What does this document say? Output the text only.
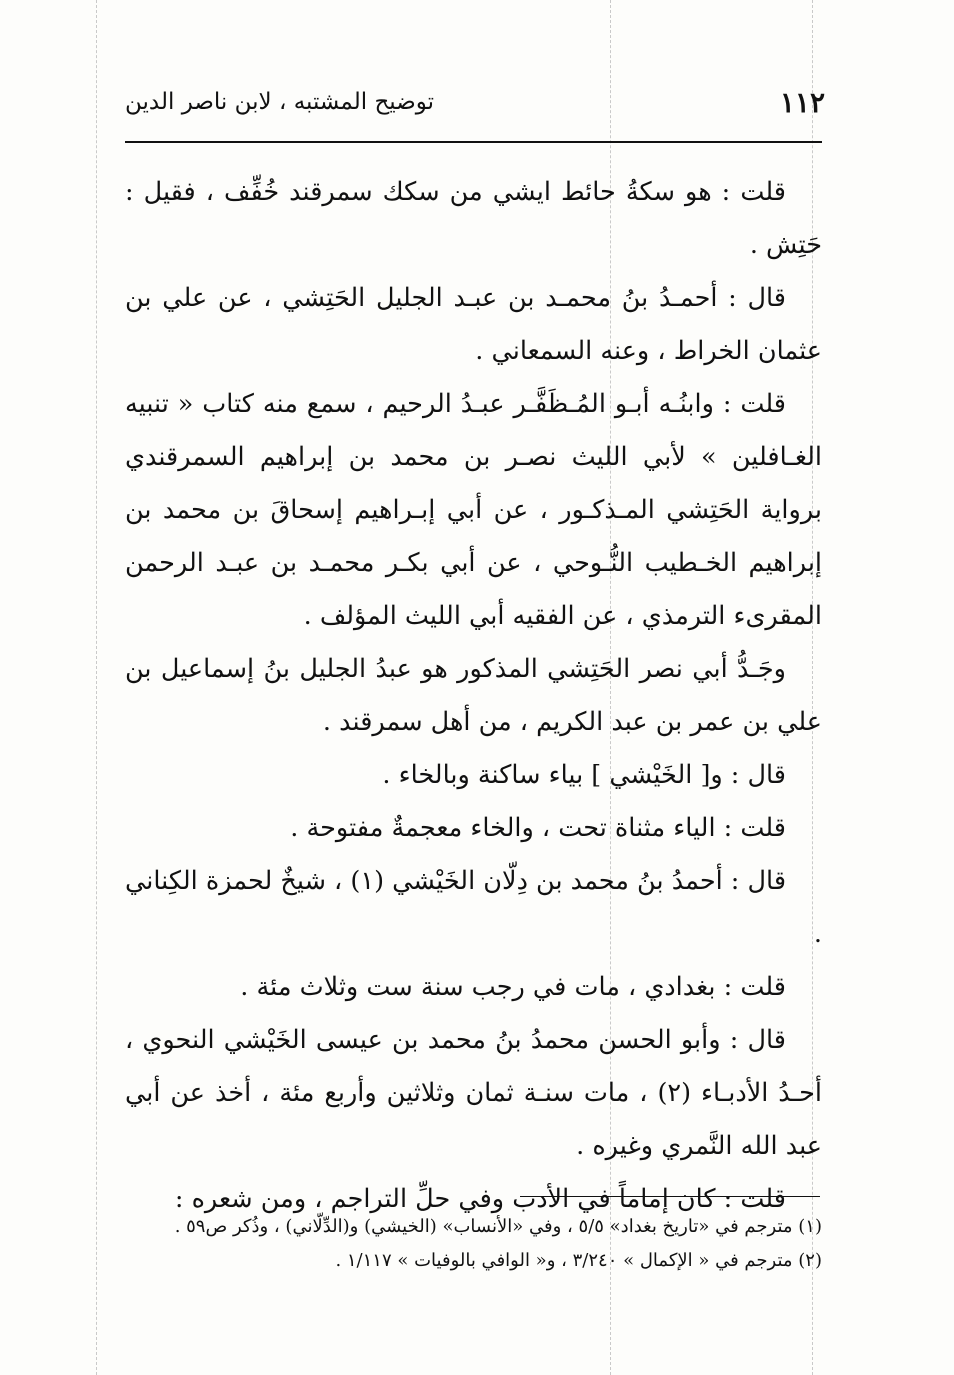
١١٢
توضيح المشتبه ، لابن ناصر الدين

قلت : هو سكةُ حائط ايشي من سكك سمرقند خُفِّف ، فقيل : حَتِش .

قال : أحمـدُ بنُ محمـد بن عبـد الجليل الحَتِشي ، عن علي بن عثمان الخراط ، وعنه السمعاني .

قلت : وابنُـه أبـو المُـظَفَّـر عبـدُ الرحيم ، سمع منه كتاب « تنبيه الغـافلين » لأبي الليث نصـر بن محمد بن إبراهيم السمرقندي برواية الحَتِشي المـذكـور ، عن أبي إبـراهيم إسحاقَ بن محمد بن إبراهيم الخـطيب النُّـوحي ، عن أبي بكـر محمـد بن عبـد الرحمن المقرىء الترمذي ، عن الفقيه أبي الليث المؤلف .

وجَـدُّ أبي نصر الحَتِشي المذكور هو عبدُ الجليل بنُ إسماعيل بن علي بن عمر بن عبد الكريم ، من أهل سمرقند .

قال : و[ الخَيْشي ] بياء ساكنة وبالخاء .

قلت : الياء مثناة تحت ، والخاء معجمةٌ مفتوحة .

قال : أحمدُ بنُ محمد بن دِلّان الخَيْشي (١) ، شيخٌ لحمزة الكِناني .

قلت : بغدادي ، مات في رجب سنة ست وثلاث مئة .

قال : وأبو الحسن محمدُ بنُ محمد بن عيسى الخَيْشي النحوي ، أحـدُ الأدبـاء (٢) ، مات سنـة ثمان وثلاثين وأربع مئة ، أخذ عن أبي عبد الله النَّمري وغيره .

قلت : كان إماماً في الأدب وفي حلِّ التراجم ، ومن شعره :

(١) مترجم في «تاريخ بغداد» ٥/٥ ، وفي «الأنساب» (الخيشي) و(الدِّلّاني) ، وذُكر ص٥٩ .

(٢) مترجم في « الإكمال » ٣/٢٤٠ ، و« الوافي بالوفيات » ١/١١٧ .
